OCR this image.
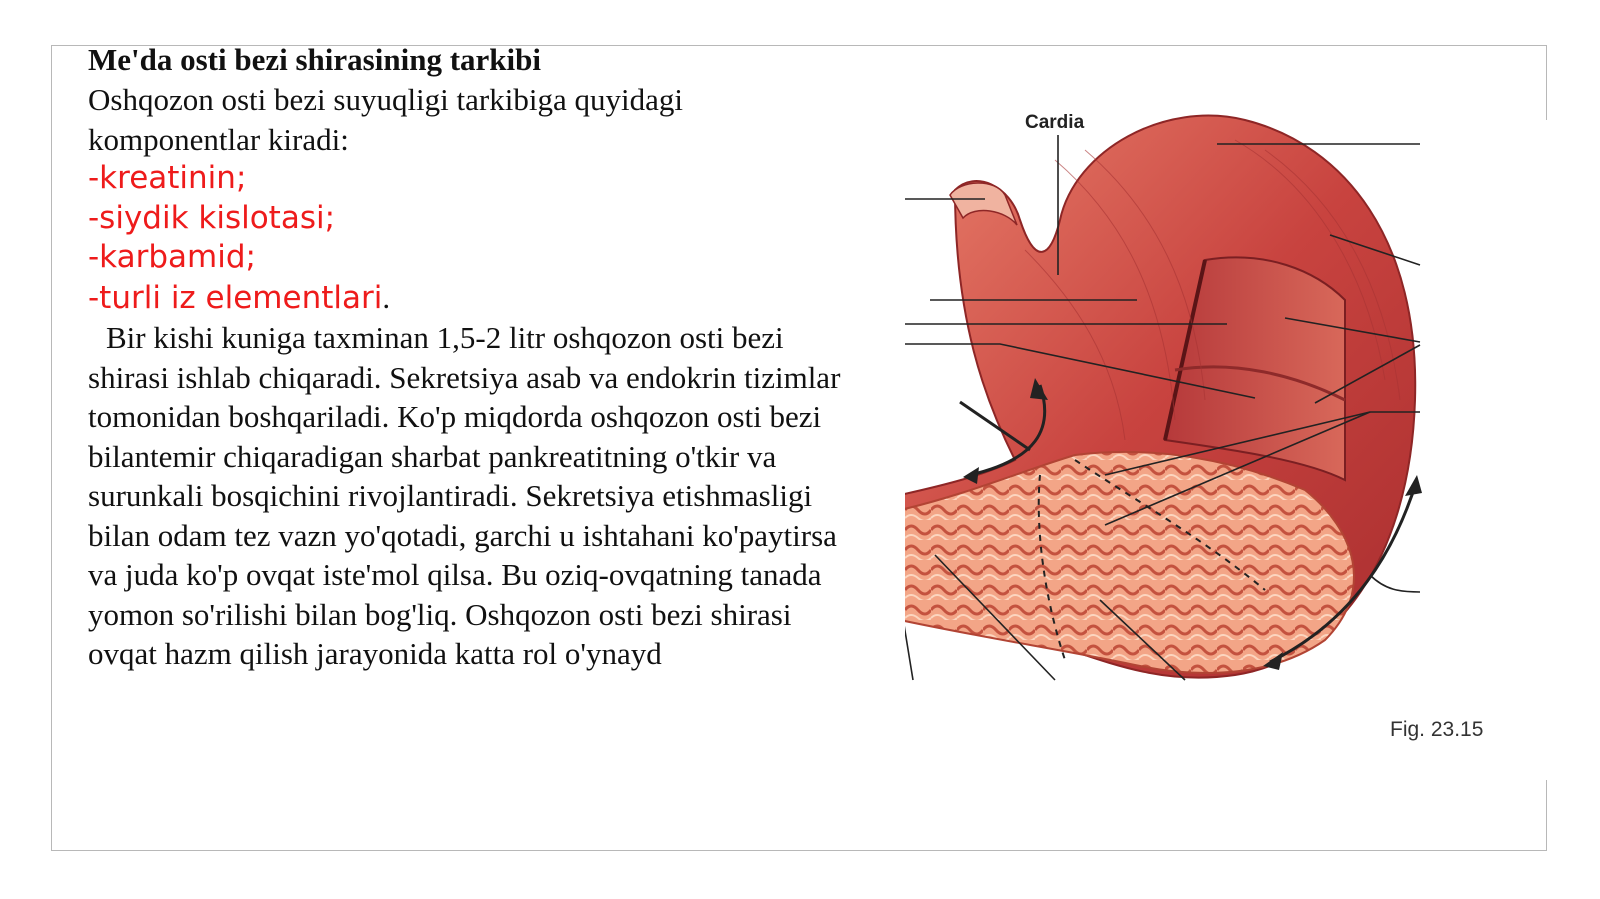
Me'da osti bezi shirasining tarkibi

Oshqozon osti bezi suyuqligi tarkibiga quyidagi komponentlar kiradi:

-kreatinin;
-siydik kislotasi;
-karbamid;
-turli iz elementlari.

Bir kishi kuniga taxminan 1,5-2 litr oshqozon osti bezi shirasi ishlab chiqaradi. Sekretsiya asab va endokrin tizimlar tomonidan boshqariladi. Ko'p miqdorda oshqozon osti bezi bilantemir chiqaradigan sharbat pankreatitning o'tkir va surunkali bosqichini rivojlantiradi. Sekretsiya etishmasligi bilan odam tez vazn yo'qotadi, garchi u ishtahani ko'paytirsa va juda ko'p ovqat iste'mol qilsa. Bu oziq-ovqatning tanada yomon so'rilishi bilan bog'liq. Oshqozon osti bezi shirasi ovqat hazm qilish jarayonida katta rol o'ynayd

Cardia
Fig. 23.15
